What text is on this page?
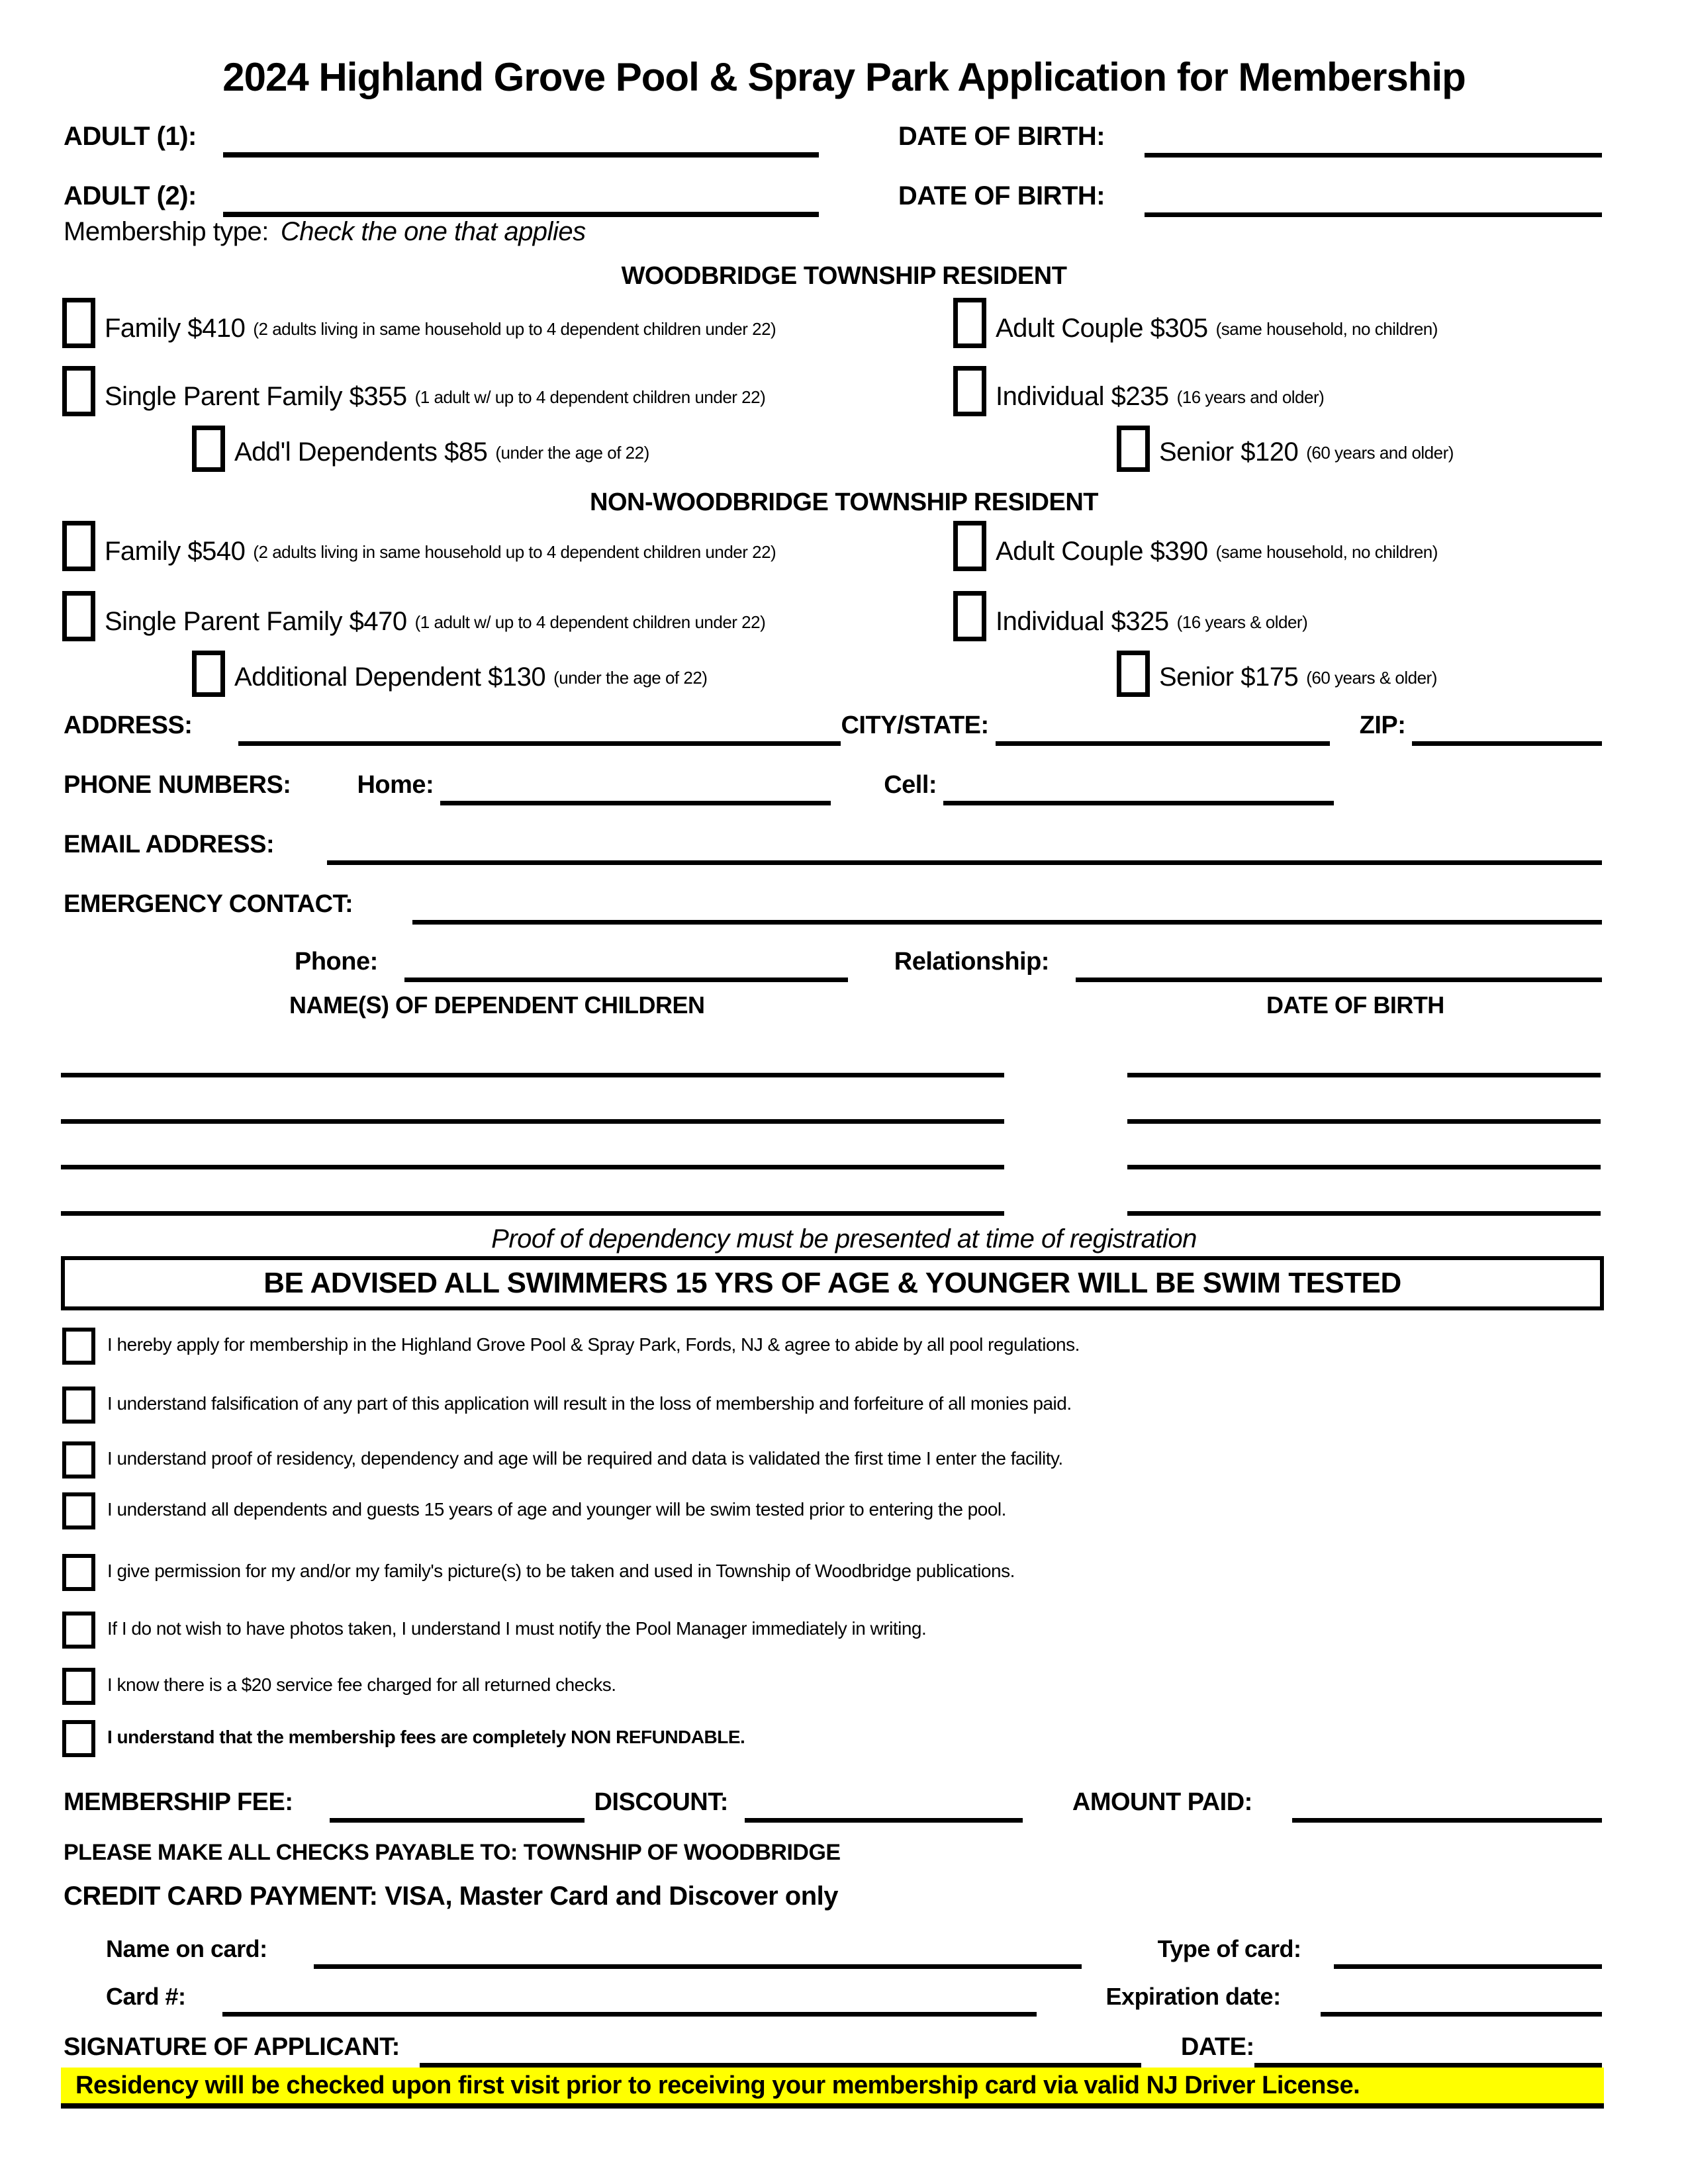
2024 Highland Grove Pool & Spray Park Application for Membership
ADULT (1):	DATE OF BIRTH:
ADULT (2):	DATE OF BIRTH:
Membership type: Check the one that applies
WOODBRIDGE TOWNSHIP RESIDENT
Family $410 (2 adults living in same household up to 4 dependent children under 22)	Adult Couple $305 (same household, no children)
Single Parent Family $355 (1 adult w/ up to 4 dependent children under 22)	Individual $235 (16 years and older)
Add'l Dependents $85 (under the age of 22)	Senior $120 (60 years and older)
NON-WOODBRIDGE TOWNSHIP RESIDENT
Family $540 (2 adults living in same household up to 4 dependent children under 22)	Adult Couple $390 (same household, no children)
Single Parent Family $470 (1 adult w/ up to 4 dependent children under 22)	Individual $325 (16 years & older)
Additional Dependent $130 (under the age of 22)	Senior $175 (60 years & older)
ADDRESS:	CITY/STATE:	ZIP:
PHONE NUMBERS:	Home:	Cell:
EMAIL ADDRESS:
EMERGENCY CONTACT:
Phone:	Relationship:
NAME(S) OF DEPENDENT CHILDREN	DATE OF BIRTH
Proof of dependency must be presented at time of registration
BE ADVISED ALL SWIMMERS 15 YRS OF AGE & YOUNGER WILL BE SWIM TESTED
I hereby apply for membership in the Highland Grove Pool & Spray Park, Fords, NJ & agree to abide by all pool regulations.
I understand falsification of any part of this application will result in the loss of membership and forfeiture of all monies paid.
I understand proof of residency, dependency and age will be required and data is validated the first time I enter the facility.
I understand all dependents and guests 15 years of age and younger will be swim tested prior to entering the pool.
I give permission for my and/or my family's picture(s) to be taken and used in Township of Woodbridge publications.
If I do not wish to have photos taken, I understand I must notify the Pool Manager immediately in writing.
I know there is a $20 service fee charged for all returned checks.
I understand that the membership fees are completely NON REFUNDABLE.
MEMBERSHIP FEE:	DISCOUNT:	AMOUNT PAID:
PLEASE MAKE ALL CHECKS PAYABLE TO: TOWNSHIP OF WOODBRIDGE
CREDIT CARD PAYMENT: VISA, Master Card and Discover only
Name on card:	Type of card:
Card #:	Expiration date:
SIGNATURE OF APPLICANT:	DATE:
Residency will be checked upon first visit prior to receiving your membership card via valid NJ Driver License.
